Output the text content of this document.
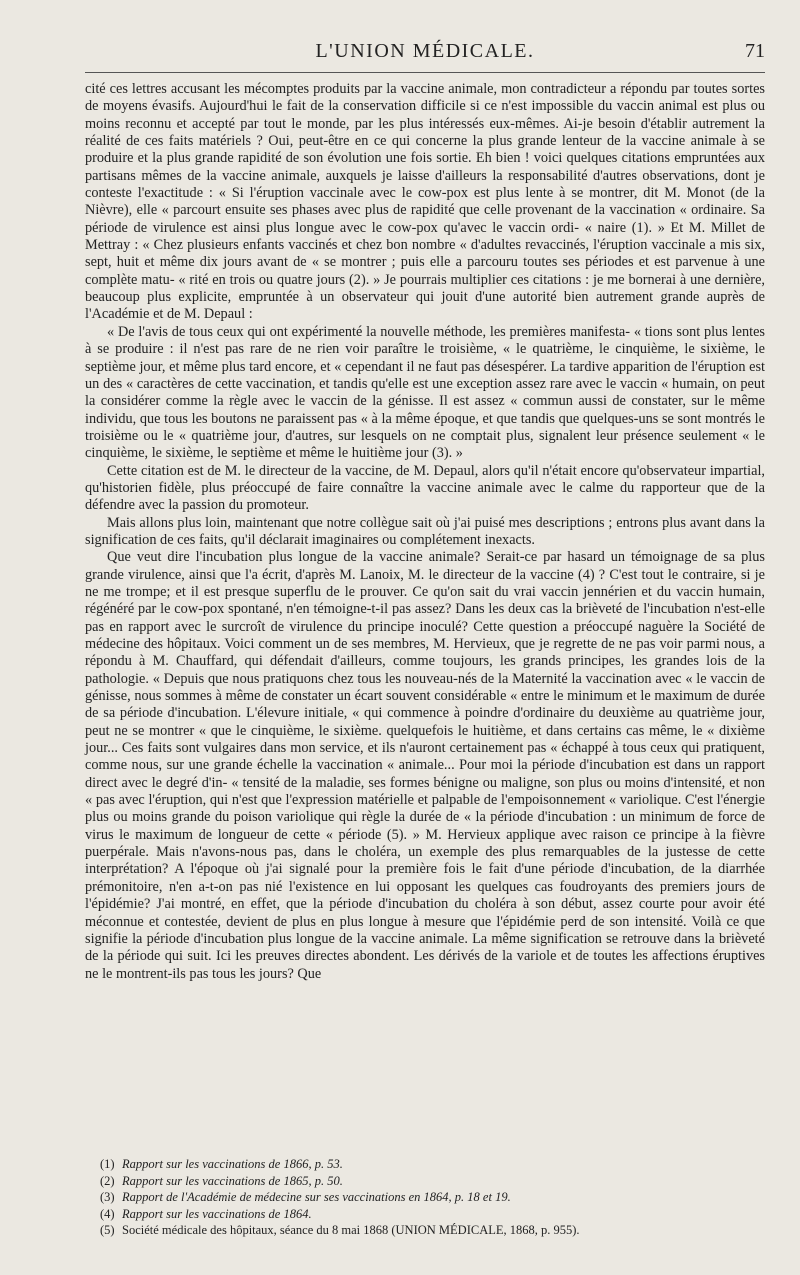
L'UNION MÉDICALE.	71

cité ces lettres accusant les mécomptes produits par la vaccine animale, mon contradicteur a répondu par toutes sortes de moyens évasifs. Aujourd'hui le fait de la conservation difficile si ce n'est impossible du vaccin animal est plus ou moins reconnu et accepté par tout le monde, par les plus intéressés eux-mêmes. Ai-je besoin d'établir autrement la réalité de ces faits matériels ? Oui, peut-être en ce qui concerne la plus grande lenteur de la vaccine animale à se produire et la plus grande rapidité de son évolution une fois sortie. Eh bien ! voici quelques citations empruntées aux partisans mêmes de la vaccine animale, auxquels je laisse d'ailleurs la responsabilité d'autres observations, dont je conteste l'exactitude : « Si l'éruption vaccinale avec le cow-pox est plus lente à se montrer, dit M. Monot (de la Nièvre), elle « parcourt ensuite ses phases avec plus de rapidité que celle provenant de la vaccination « ordinaire. Sa période de virulence est ainsi plus longue avec le cow-pox qu'avec le vaccin ordi- « naire (1). » Et M. Millet de Mettray : « Chez plusieurs enfants vaccinés et chez bon nombre « d'adultes revaccinés, l'éruption vaccinale a mis six, sept, huit et même dix jours avant de « se montrer ; puis elle a parcouru toutes ses périodes et est parvenue à une complète matu- « rité en trois ou quatre jours (2). » Je pourrais multiplier ces citations : je me bornerai à une dernière, beaucoup plus explicite, empruntée à un observateur qui jouit d'une autorité bien autrement grande auprès de l'Académie et de M. Depaul :

« De l'avis de tous ceux qui ont expérimenté la nouvelle méthode, les premières manifesta- « tions sont plus lentes à se produire : il n'est pas rare de ne rien voir paraître le troisième, « le quatrième, le cinquième, le sixième, le septième jour, et même plus tard encore, et « cependant il ne faut pas désespérer. La tardive apparition de l'éruption est un des « caractères de cette vaccination, et tandis qu'elle est une exception assez rare avec le vaccin « humain, on peut la considérer comme la règle avec le vaccin de la génisse. Il est assez « commun aussi de constater, sur le même individu, que tous les boutons ne paraissent pas « à la même époque, et que tandis que quelques-uns se sont montrés le troisième ou le « quatrième jour, d'autres, sur lesquels on ne comptait plus, signalent leur présence seulement « le cinquième, le sixième, le septième et même le huitième jour (3). »

Cette citation est de M. le directeur de la vaccine, de M. Depaul, alors qu'il n'était encore qu'observateur impartial, qu'historien fidèle, plus préoccupé de faire connaître la vaccine animale avec le calme du rapporteur que de la défendre avec la passion du promoteur.

Mais allons plus loin, maintenant que notre collègue sait où j'ai puisé mes descriptions ; entrons plus avant dans la signification de ces faits, qu'il déclarait imaginaires ou complétement inexacts.

Que veut dire l'incubation plus longue de la vaccine animale? Serait-ce par hasard un témoignage de sa plus grande virulence, ainsi que l'a écrit, d'après M. Lanoix, M. le directeur de la vaccine (4) ? C'est tout le contraire, si je ne me trompe; et il est presque superflu de le prouver. Ce qu'on sait du vrai vaccin jennérien et du vaccin humain, régénéré par le cow-pox spontané, n'en témoigne-t-il pas assez? Dans les deux cas la brièveté de l'incubation n'est-elle pas en rapport avec le surcroît de virulence du principe inoculé? Cette question a préoccupé naguère la Société de médecine des hôpitaux. Voici comment un de ses membres, M. Hervieux, que je regrette de ne pas voir parmi nous, a répondu à M. Chauffard, qui défendait d'ailleurs, comme toujours, les grands principes, les grandes lois de la pathologie. « Depuis que nous pratiquons chez tous les nouveau-nés de la Maternité la vaccination avec « le vaccin de génisse, nous sommes à même de constater un écart souvent considérable « entre le minimum et le maximum de durée de sa période d'incubation. L'élevure initiale, « qui commence à poindre d'ordinaire du deuxième au quatrième jour, peut ne se montrer « que le cinquième, le sixième. quelquefois le huitième, et dans certains cas même, le « dixième jour... Ces faits sont vulgaires dans mon service, et ils n'auront certainement pas « échappé à tous ceux qui pratiquent, comme nous, sur une grande échelle la vaccination « animale... Pour moi la période d'incubation est dans un rapport direct avec le degré d'in- « tensité de la maladie, ses formes bénigne ou maligne, son plus ou moins d'intensité, et non « pas avec l'éruption, qui n'est que l'expression matérielle et palpable de l'empoisonnement « variolique. C'est l'énergie plus ou moins grande du poison variolique qui règle la durée de « la période d'incubation : un minimum de force de virus le maximum de longueur de cette « période (5). » M. Hervieux applique avec raison ce principe à la fièvre puerpérale. Mais n'avons-nous pas, dans le choléra, un exemple des plus remarquables de la justesse de cette interprétation? A l'époque où j'ai signalé pour la première fois le fait d'une période d'incubation, de la diarrhée prémonitoire, n'en a-t-on pas nié l'existence en lui opposant les quelques cas foudroyants des premiers jours de l'épidémie? J'ai montré, en effet, que la période d'incubation du choléra à son début, assez courte pour avoir été méconnue et contestée, devient de plus en plus longue à mesure que l'épidémie perd de son intensité. Voilà ce que signifie la période d'incubation plus longue de la vaccine animale. La même signification se retrouve dans la brièveté de la période qui suit. Ici les preuves directes abondent. Les dérivés de la variole et de toutes les affections éruptives ne le montrent-ils pas tous les jours? Que

(1) Rapport sur les vaccinations de 1866, p. 53.
(2) Rapport sur les vaccinations de 1865, p. 50.
(3) Rapport de l'Académie de médecine sur ses vaccinations en 1864, p. 18 et 19.
(4) Rapport sur les vaccinations de 1864.
(5) Société médicale des hôpitaux, séance du 8 mai 1868 (UNION MÉDICALE, 1868, p. 955).
